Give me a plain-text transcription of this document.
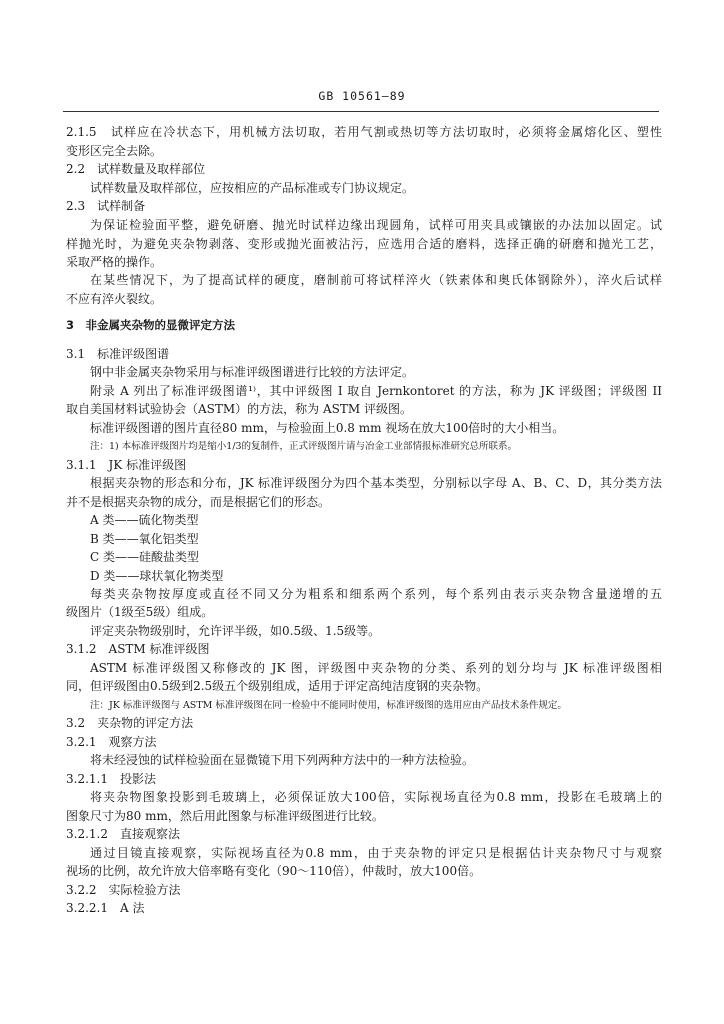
GB 10561—89
2.1.5　试样应在冷状态下，用机械方法切取，若用气割或热切等方法切取时，必须将金属熔化区、塑性
变形区完全去除。
2.2　试样数量及取样部位
试样数量及取样部位，应按相应的产品标准或专门协议规定。
2.3　试样制备
为保证检验面平整，避免研磨、抛光时试样边缘出现圆角，试样可用夹具或镶嵌的办法加以固定。试
样抛光时，为避免夹杂物剥落、变形或抛光面被沾污，应选用合适的磨料，选择正确的研磨和抛光工艺，
采取严格的操作。
在某些情况下，为了提高试样的硬度，磨制前可将试样淬火（铁素体和奥氏体钢除外），淬火后试样
不应有淬火裂纹。
3　非金属夹杂物的显微评定方法
3.1　标准评级图谱
钢中非金属夹杂物采用与标准评级图谱进行比较的方法评定。
附录 A 列出了标准评级图谱¹⁾，其中评级图 I 取自 Jernkontoret 的方法，称为 JK 评级图；评级图 II
取自美国材料试验协会（ASTM）的方法，称为 ASTM 评级图。
标准评级图谱的图片直径80 mm，与检验面上0.8 mm 视场在放大100倍时的大小相当。
注：1) 本标准评级图片均是缩小1/3的复制件，正式评级图片请与冶金工业部情报标准研究总所联系。
3.1.1　JK 标准评级图
根据夹杂物的形态和分布，JK 标准评级图分为四个基本类型，分别标以字母 A、B、C、D，其分类方法
并不是根据夹杂物的成分，而是根据它们的形态。
A 类——硫化物类型
B 类——氧化铝类型
C 类——硅酸盐类型
D 类——球状氧化物类型
每类夹杂物按厚度或直径不同又分为粗系和细系两个系列，每个系列由表示夹杂物含量递增的五
级图片（1级至5级）组成。
评定夹杂物级别时，允许评半级，如0.5级、1.5级等。
3.1.2　ASTM 标准评级图
ASTM 标准评级图又称修改的 JK 图，评级图中夹杂物的分类、系列的划分均与 JK 标准评级图相
同，但评级图由0.5级到2.5级五个级别组成，适用于评定高纯洁度钢的夹杂物。
注：JK 标准评级图与 ASTM 标准评级图在同一检验中不能同时使用，标准评级图的选用应由产品技术条件规定。
3.2　夹杂物的评定方法
3.2.1　观察方法
将未经浸蚀的试样检验面在显微镜下用下列两种方法中的一种方法检验。
3.2.1.1　投影法
将夹杂物图象投影到毛玻璃上，必须保证放大100倍，实际视场直径为0.8 mm，投影在毛玻璃上的
图象尺寸为80 mm，然后用此图象与标准评级图进行比较。
3.2.1.2　直接观察法
通过目镜直接观察，实际视场直径为0.8 mm，由于夹杂物的评定只是根据估计夹杂物尺寸与观察
视场的比例，故允许放大倍率略有变化（90～110倍），仲裁时，放大100倍。
3.2.2　实际检验方法
3.2.2.1　A 法
